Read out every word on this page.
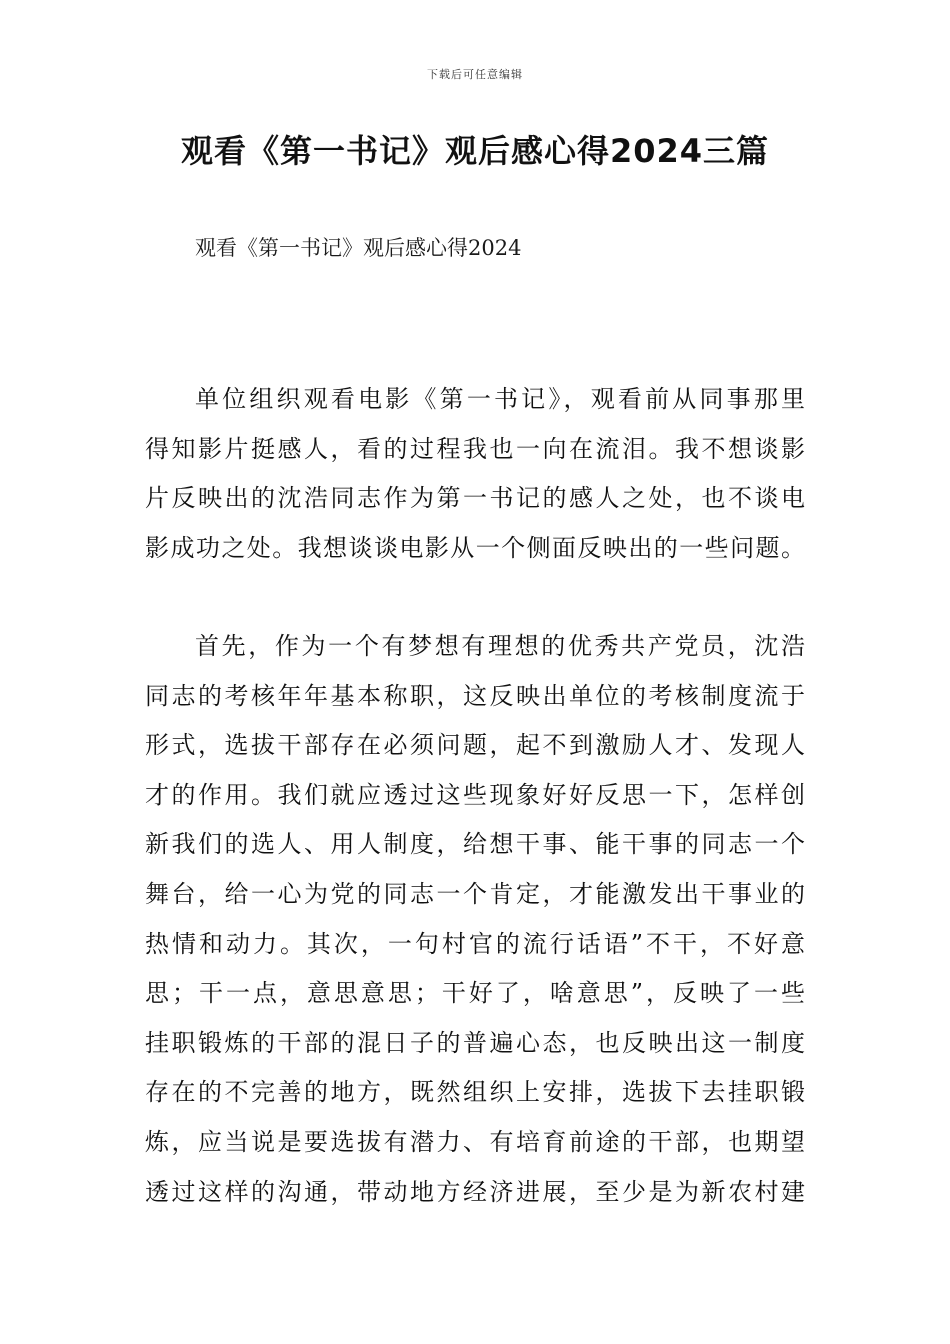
下载后可任意编辑
观看《第一书记》观后感心得2024三篇
观看《第一书记》观后感心得2024
单位组织观看电影《第一书记》，观看前从同事那里
得知影片挺感人，看的过程我也一向在流泪。我不想谈影
片反映出的沈浩同志作为第一书记的感人之处，也不谈电
影成功之处。我想谈谈电影从一个侧面反映出的一些问题。
首先，作为一个有梦想有理想的优秀共产党员，沈浩
同志的考核年年基本称职，这反映出单位的考核制度流于
形式，选拔干部存在必须问题，起不到激励人才、发现人
才的作用。我们就应透过这些现象好好反思一下，怎样创
新我们的选人、用人制度，给想干事、能干事的同志一个
舞台，给一心为党的同志一个肯定，才能激发出干事业的
热情和动力。其次，一句村官的流行话语”不干，不好意
思；干一点，意思意思；干好了，啥意思”，反映了一些
挂职锻炼的干部的混日子的普遍心态，也反映出这一制度
存在的不完善的地方，既然组织上安排，选拔下去挂职锻
炼，应当说是要选拔有潜力、有培育前途的干部，也期望
透过这样的沟通，带动地方经济进展，至少是为新农村建
